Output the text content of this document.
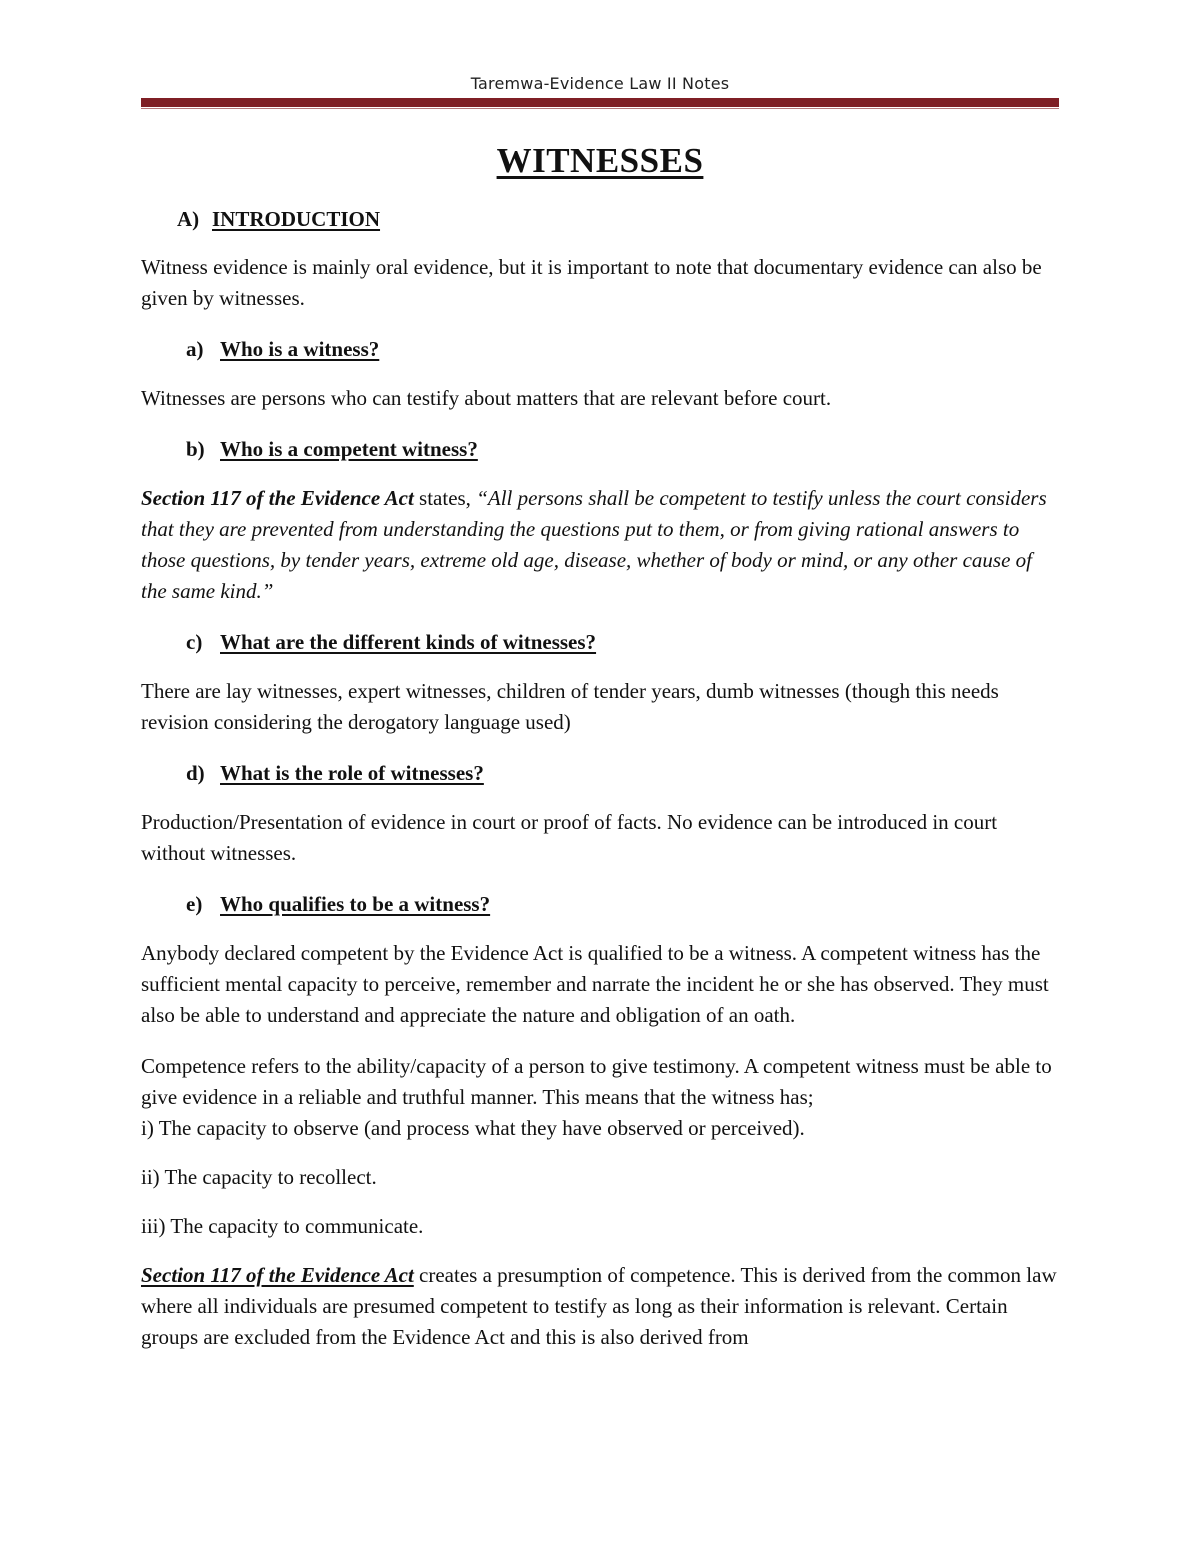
Taremwa-Evidence Law II Notes
WITNESSES
A) INTRODUCTION

Witness evidence is mainly oral evidence, but it is important to note that documentary evidence can also be given by witnesses.

a) Who is a witness?

Witnesses are persons who can testify about matters that are relevant before court.

b) Who is a competent witness?

Section 117 of the Evidence Act states, “All persons shall be competent to testify unless the court considers that they are prevented from understanding the questions put to them, or from giving rational answers to those questions, by tender years, extreme old age, disease, whether of body or mind, or any other cause of the same kind.”

c) What are the different kinds of witnesses?

There are lay witnesses, expert witnesses, children of tender years, dumb witnesses (though this needs revision considering the derogatory language used)

d) What is the role of witnesses?

Production/Presentation of evidence in court or proof of facts. No evidence can be introduced in court without witnesses.

e) Who qualifies to be a witness?

Anybody declared competent by the Evidence Act is qualified to be a witness. A competent witness has the sufficient mental capacity to perceive, remember and narrate the incident he or she has observed. They must also be able to understand and appreciate the nature and obligation of an oath.

Competence refers to the ability/capacity of a person to give testimony. A competent witness must be able to give evidence in a reliable and truthful manner. This means that the witness has;

i) The capacity to observe (and process what they have observed or perceived).

ii) The capacity to recollect.

iii) The capacity to communicate.

Section 117 of the Evidence Act creates a presumption of competence. This is derived from the common law where all individuals are presumed competent to testify as long as their information is relevant. Certain groups are excluded from the Evidence Act and this is also derived from
